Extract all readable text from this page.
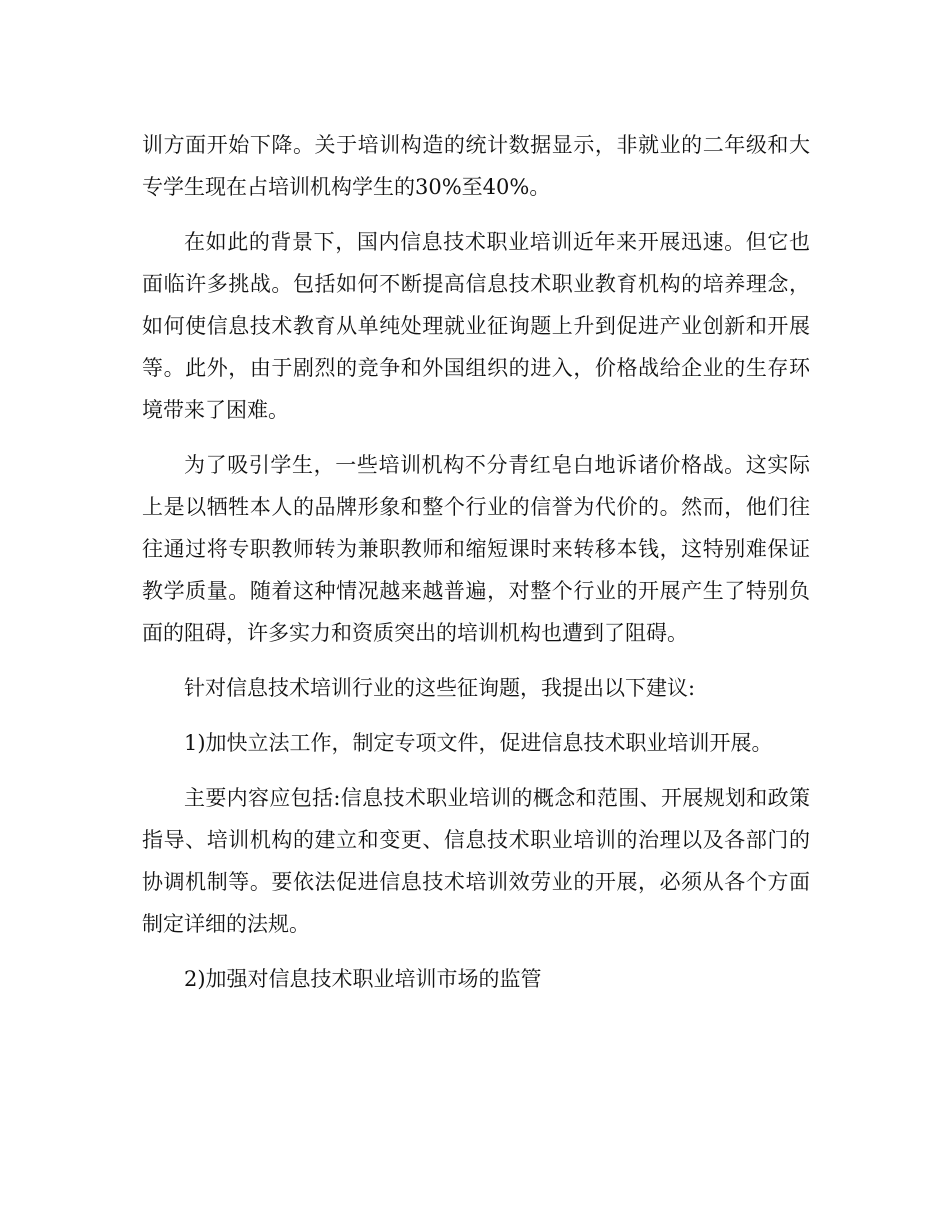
训方面开始下降。关于培训构造的统计数据显示，非就业的二年级和大专学生现在占培训机构学生的30%至40%。

在如此的背景下，国内信息技术职业培训近年来开展迅速。但它也面临许多挑战。包括如何不断提高信息技术职业教育机构的培养理念，如何使信息技术教育从单纯处理就业征询题上升到促进产业创新和开展等。此外，由于剧烈的竞争和外国组织的进入，价格战给企业的生存环境带来了困难。

为了吸引学生，一些培训机构不分青红皂白地诉诸价格战。这实际上是以牺牲本人的品牌形象和整个行业的信誉为代价的。然而，他们往往通过将专职教师转为兼职教师和缩短课时来转移本钱，这特别难保证教学质量。随着这种情况越来越普遍，对整个行业的开展产生了特别负面的阻碍，许多实力和资质突出的培训机构也遭到了阻碍。

针对信息技术培训行业的这些征询题，我提出以下建议:

1)加快立法工作，制定专项文件，促进信息技术职业培训开展。

主要内容应包括:信息技术职业培训的概念和范围、开展规划和政策指导、培训机构的建立和变更、信息技术职业培训的治理以及各部门的协调机制等。要依法促进信息技术培训效劳业的开展，必须从各个方面制定详细的法规。

2)加强对信息技术职业培训市场的监管
